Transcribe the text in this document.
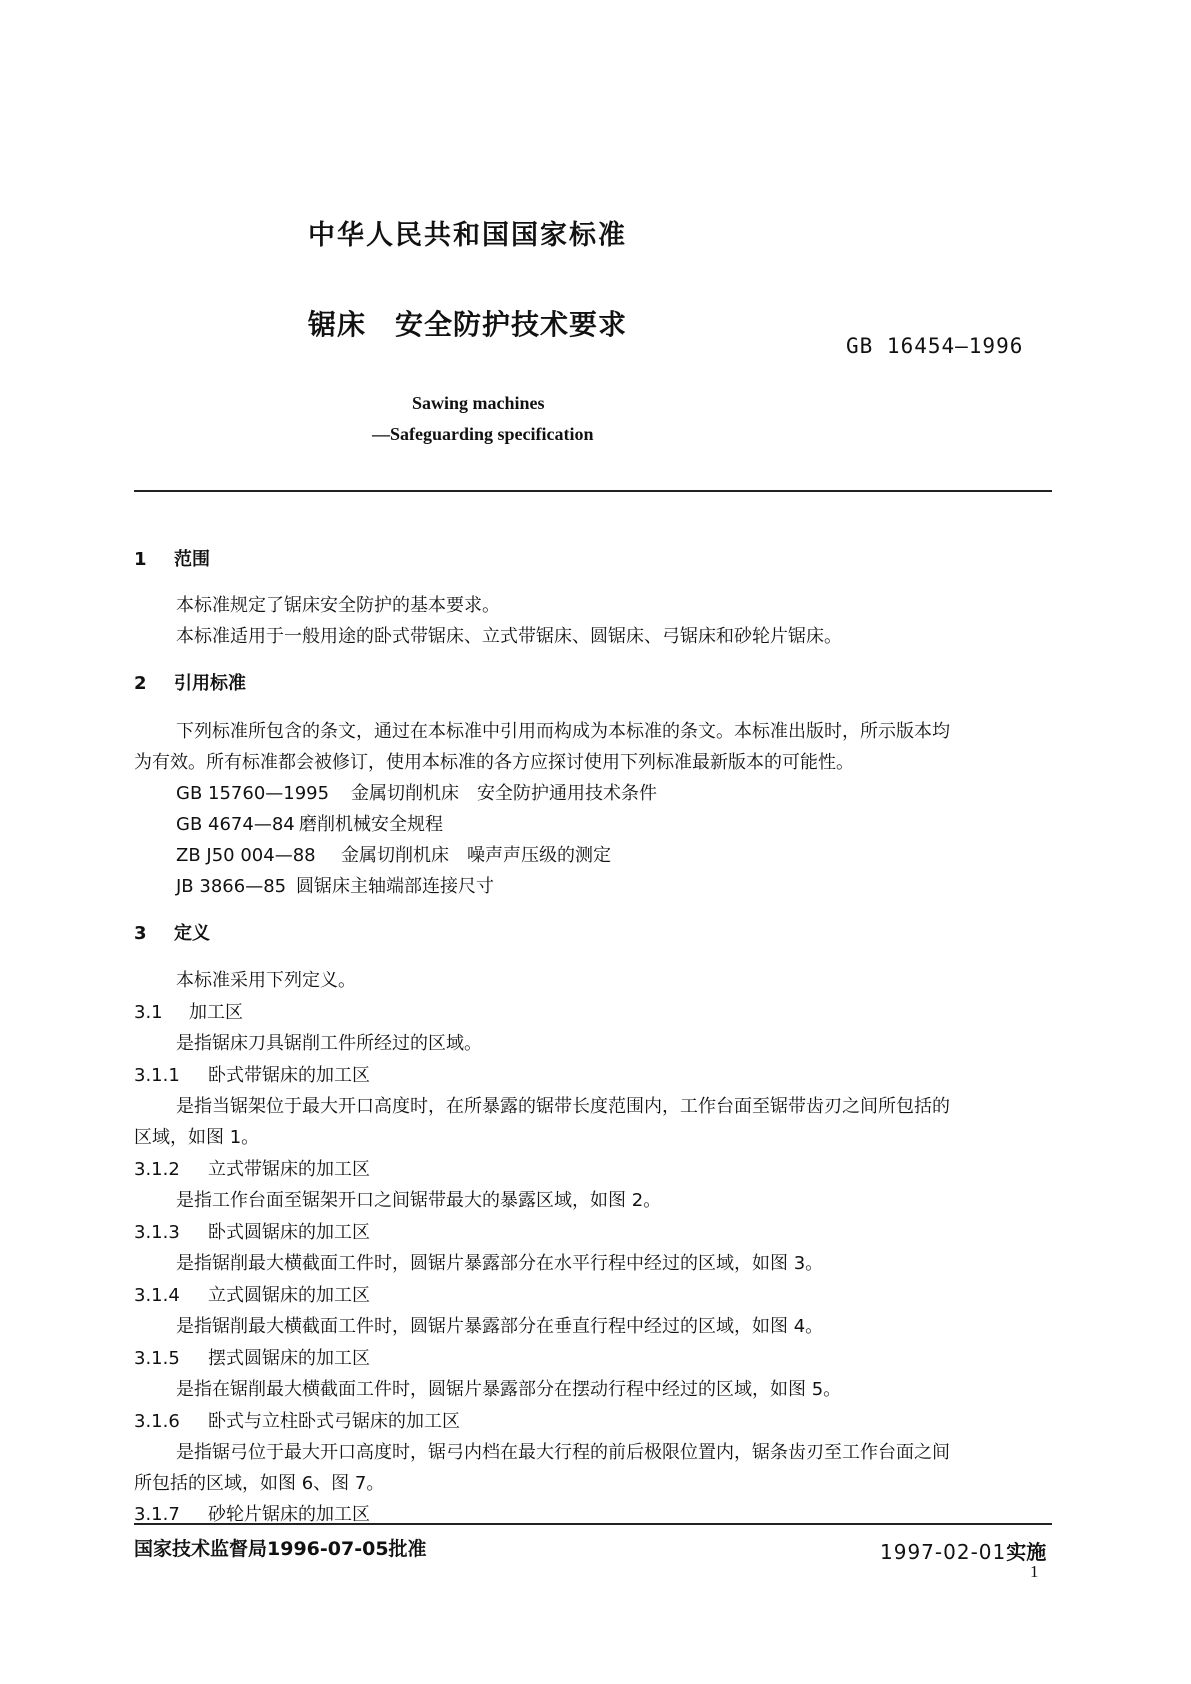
中华人民共和国国家标准
锯床　安全防护技术要求
GB 16454—1996
Sawing machines
—Safeguarding specification
1 范围
本标准规定了锯床安全防护的基本要求。
本标准适用于一般用途的卧式带锯床、立式带锯床、圆锯床、弓锯床和砂轮片锯床。
2 引用标准
下列标准所包含的条文，通过在本标准中引用而构成为本标准的条文。本标准出版时，所示版本均
为有效。所有标准都会被修订，使用本标准的各方应探讨使用下列标准最新版本的可能性。
GB 15760—1995 金属切削机床　安全防护通用技术条件
GB 4674—84 磨削机械安全规程
ZB J50 004—88 金属切削机床　噪声声压级的测定
JB 3866—85 圆锯床主轴端部连接尺寸
3 定义
本标准采用下列定义。
3.1 加工区
是指锯床刀具锯削工件所经过的区域。
3.1.1 卧式带锯床的加工区
是指当锯架位于最大开口高度时，在所暴露的锯带长度范围内，工作台面至锯带齿刃之间所包括的
区域，如图 1。
3.1.2 立式带锯床的加工区
是指工作台面至锯架开口之间锯带最大的暴露区域，如图 2。
3.1.3 卧式圆锯床的加工区
是指锯削最大横截面工件时，圆锯片暴露部分在水平行程中经过的区域，如图 3。
3.1.4 立式圆锯床的加工区
是指锯削最大横截面工件时，圆锯片暴露部分在垂直行程中经过的区域，如图 4。
3.1.5 摆式圆锯床的加工区
是指在锯削最大横截面工件时，圆锯片暴露部分在摆动行程中经过的区域，如图 5。
3.1.6 卧式与立柱卧式弓锯床的加工区
是指锯弓位于最大开口高度时，锯弓内档在最大行程的前后极限位置内，锯条齿刃至工作台面之间
所包括的区域，如图 6、图 7。
3.1.7 砂轮片锯床的加工区
国家技术监督局1996-07-05批准	1997-02-01实施
1
